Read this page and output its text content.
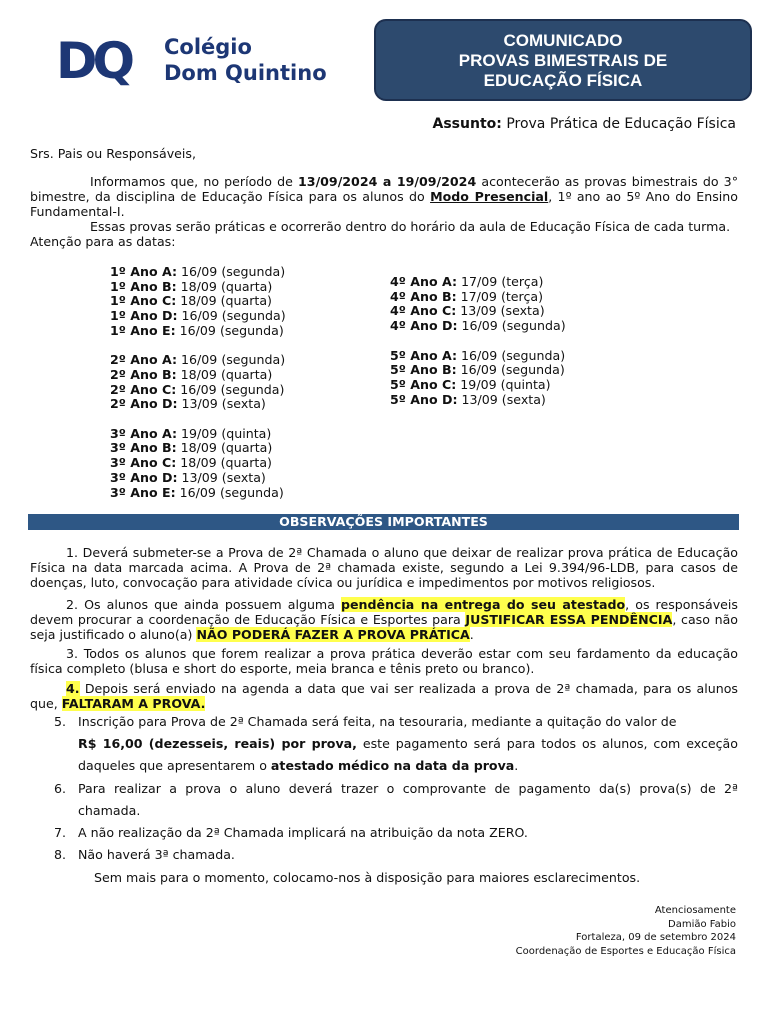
DQ Colégio
Dom Quintino
COMUNICADO
PROVAS BIMESTRAIS DE
EDUCAÇÃO FÍSICA
Assunto: Prova Prática de Educação Física
Srs. Pais ou Responsáveis,
Informamos que, no período de 13/09/2024 a 19/09/2024 acontecerão as provas bimestrais do 3° bimestre, da disciplina de Educação Física para os alunos do Modo Presencial, 1º ano ao 5º Ano do Ensino Fundamental-I.
Essas provas serão práticas e ocorrerão dentro do horário da aula de Educação Física de cada turma.
Atenção para as datas:
1º Ano A: 16/09 (segunda)
1º Ano B: 18/09 (quarta)
1º Ano C: 18/09 (quarta)
1º Ano D: 16/09 (segunda)
1º Ano E: 16/09 (segunda)
2º Ano A: 16/09 (segunda)
2º Ano B: 18/09 (quarta)
2º Ano C: 16/09 (segunda)
2º Ano D: 13/09 (sexta)
3º Ano A: 19/09 (quinta)
3º Ano B: 18/09 (quarta)
3º Ano C: 18/09 (quarta)
3º Ano D: 13/09 (sexta)
3º Ano E: 16/09 (segunda)
4º Ano A: 17/09 (terça)
4º Ano B: 17/09 (terça)
4º Ano C: 13/09 (sexta)
4º Ano D: 16/09 (segunda)
5º Ano A: 16/09 (segunda)
5º Ano B: 16/09 (segunda)
5º Ano C: 19/09 (quinta)
5º Ano D: 13/09 (sexta)
OBSERVAÇÕES IMPORTANTES
1. Deverá submeter-se a Prova de 2ª Chamada o aluno que deixar de realizar prova prática de Educação Física na data marcada acima. A Prova de 2ª chamada existe, segundo a Lei 9.394/96-LDB, para casos de doenças, luto, convocação para atividade cívica ou jurídica e impedimentos por motivos religiosos.
2. Os alunos que ainda possuem alguma pendência na entrega do seu atestado, os responsáveis devem procurar a coordenação de Educação Física e Esportes para JUSTIFICAR ESSA PENDÊNCIA, caso não seja justificado o aluno(a) NÃO PODERÁ FAZER A PROVA PRÁTICA.
3. Todos os alunos que forem realizar a prova prática deverão estar com seu fardamento da educação física completo (blusa e short do esporte, meia branca e tênis preto ou branco).
4. Depois será enviado na agenda a data que vai ser realizada a prova de 2ª chamada, para os alunos que, FALTARAM A PROVA.
5. Inscrição para Prova de 2ª Chamada será feita, na tesouraria, mediante a quitação do valor de
R$ 16,00 (dezesseis, reais) por prova, este pagamento será para todos os alunos, com exceção daqueles que apresentarem o atestado médico na data da prova.
6. Para realizar a prova o aluno deverá trazer o comprovante de pagamento da(s) prova(s) de 2ª chamada.
7. A não realização da 2ª Chamada implicará na atribuição da nota ZERO.
8. Não haverá 3ª chamada.
Sem mais para o momento, colocamo-nos à disposição para maiores esclarecimentos.
Atenciosamente
Damião Fabio
Fortaleza, 09 de setembro 2024
Coordenação de Esportes e Educação Física
